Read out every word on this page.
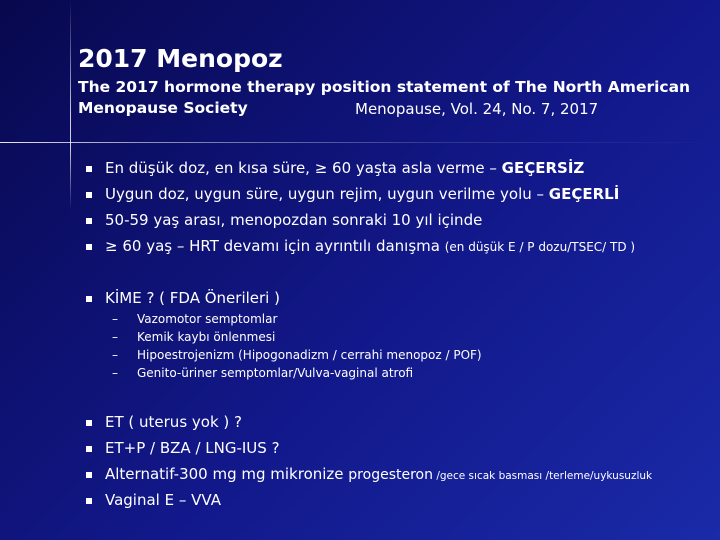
2017 Menopoz
The 2017 hormone therapy position statement of The North American
Menopause Society	Menopause, Vol. 24, No. 7, 2017
En düşük doz, en kısa süre, ≥ 60 yaşta asla verme – GEÇERSİZ
Uygun doz, uygun süre, uygun rejim, uygun verilme yolu – GEÇERLİ
50-59 yaş arası, menopozdan sonraki 10 yıl içinde
≥ 60 yaş – HRT devamı için ayrıntılı danışma (en düşük E / P dozu/TSEC/ TD )
KİME ? ( FDA Önerileri )
– Vazomotor semptomlar
– Kemik kaybı önlenmesi
– Hipoestrojenizm (Hipogonadizm / cerrahi menopoz / POF)
– Genito-üriner semptomlar/Vulva-vaginal atrofi
ET ( uterus yok ) ?
ET+P / BZA / LNG-IUS ?
Alternatif-300 mg mg mikronize progesteron /gece sıcak basması /terleme/uykusuzluk
Vaginal E – VVA
